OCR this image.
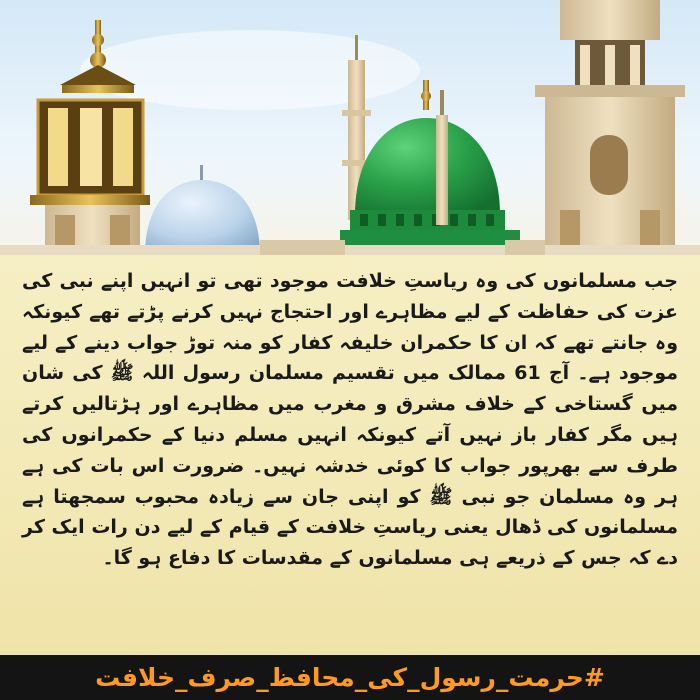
جب مسلمانوں کی وہ ریاستِ خلافت موجود تھی تو انہیں اپنے نبی کی عزت کی حفاظت کے لیے مظاہرے اور احتجاج نہیں کرنے پڑتے تھے کیونکہ وہ جانتے تھے کہ ان کا حکمران خلیفہ کفار کو منہ توڑ جواب دینے کے لیے موجود ہے۔ آج 61 ممالک میں تقسیم مسلمان رسول اللہ ﷺ کی شان میں گستاخی کے خلاف مشرق و مغرب میں مظاہرے اور ہڑتالیں کرتے ہیں مگر کفار باز نہیں آتے کیونکہ انہیں مسلم دنیا کے حکمرانوں کی طرف سے بھرپور جواب کا کوئی خدشہ نہیں۔ ضرورت اس بات کی ہے ہر وہ مسلمان جو نبی ﷺ کو اپنی جان سے زیادہ محبوب سمجھتا ہے مسلمانوں کی ڈھال یعنی ریاستِ خلافت کے قیام کے لیے دن رات ایک کر دے کہ جس کے ذریعے ہی مسلمانوں کے مقدسات کا دفاع ہو گا۔

#حرمت_رسول_کی_محافظ_صرف_خلافت
